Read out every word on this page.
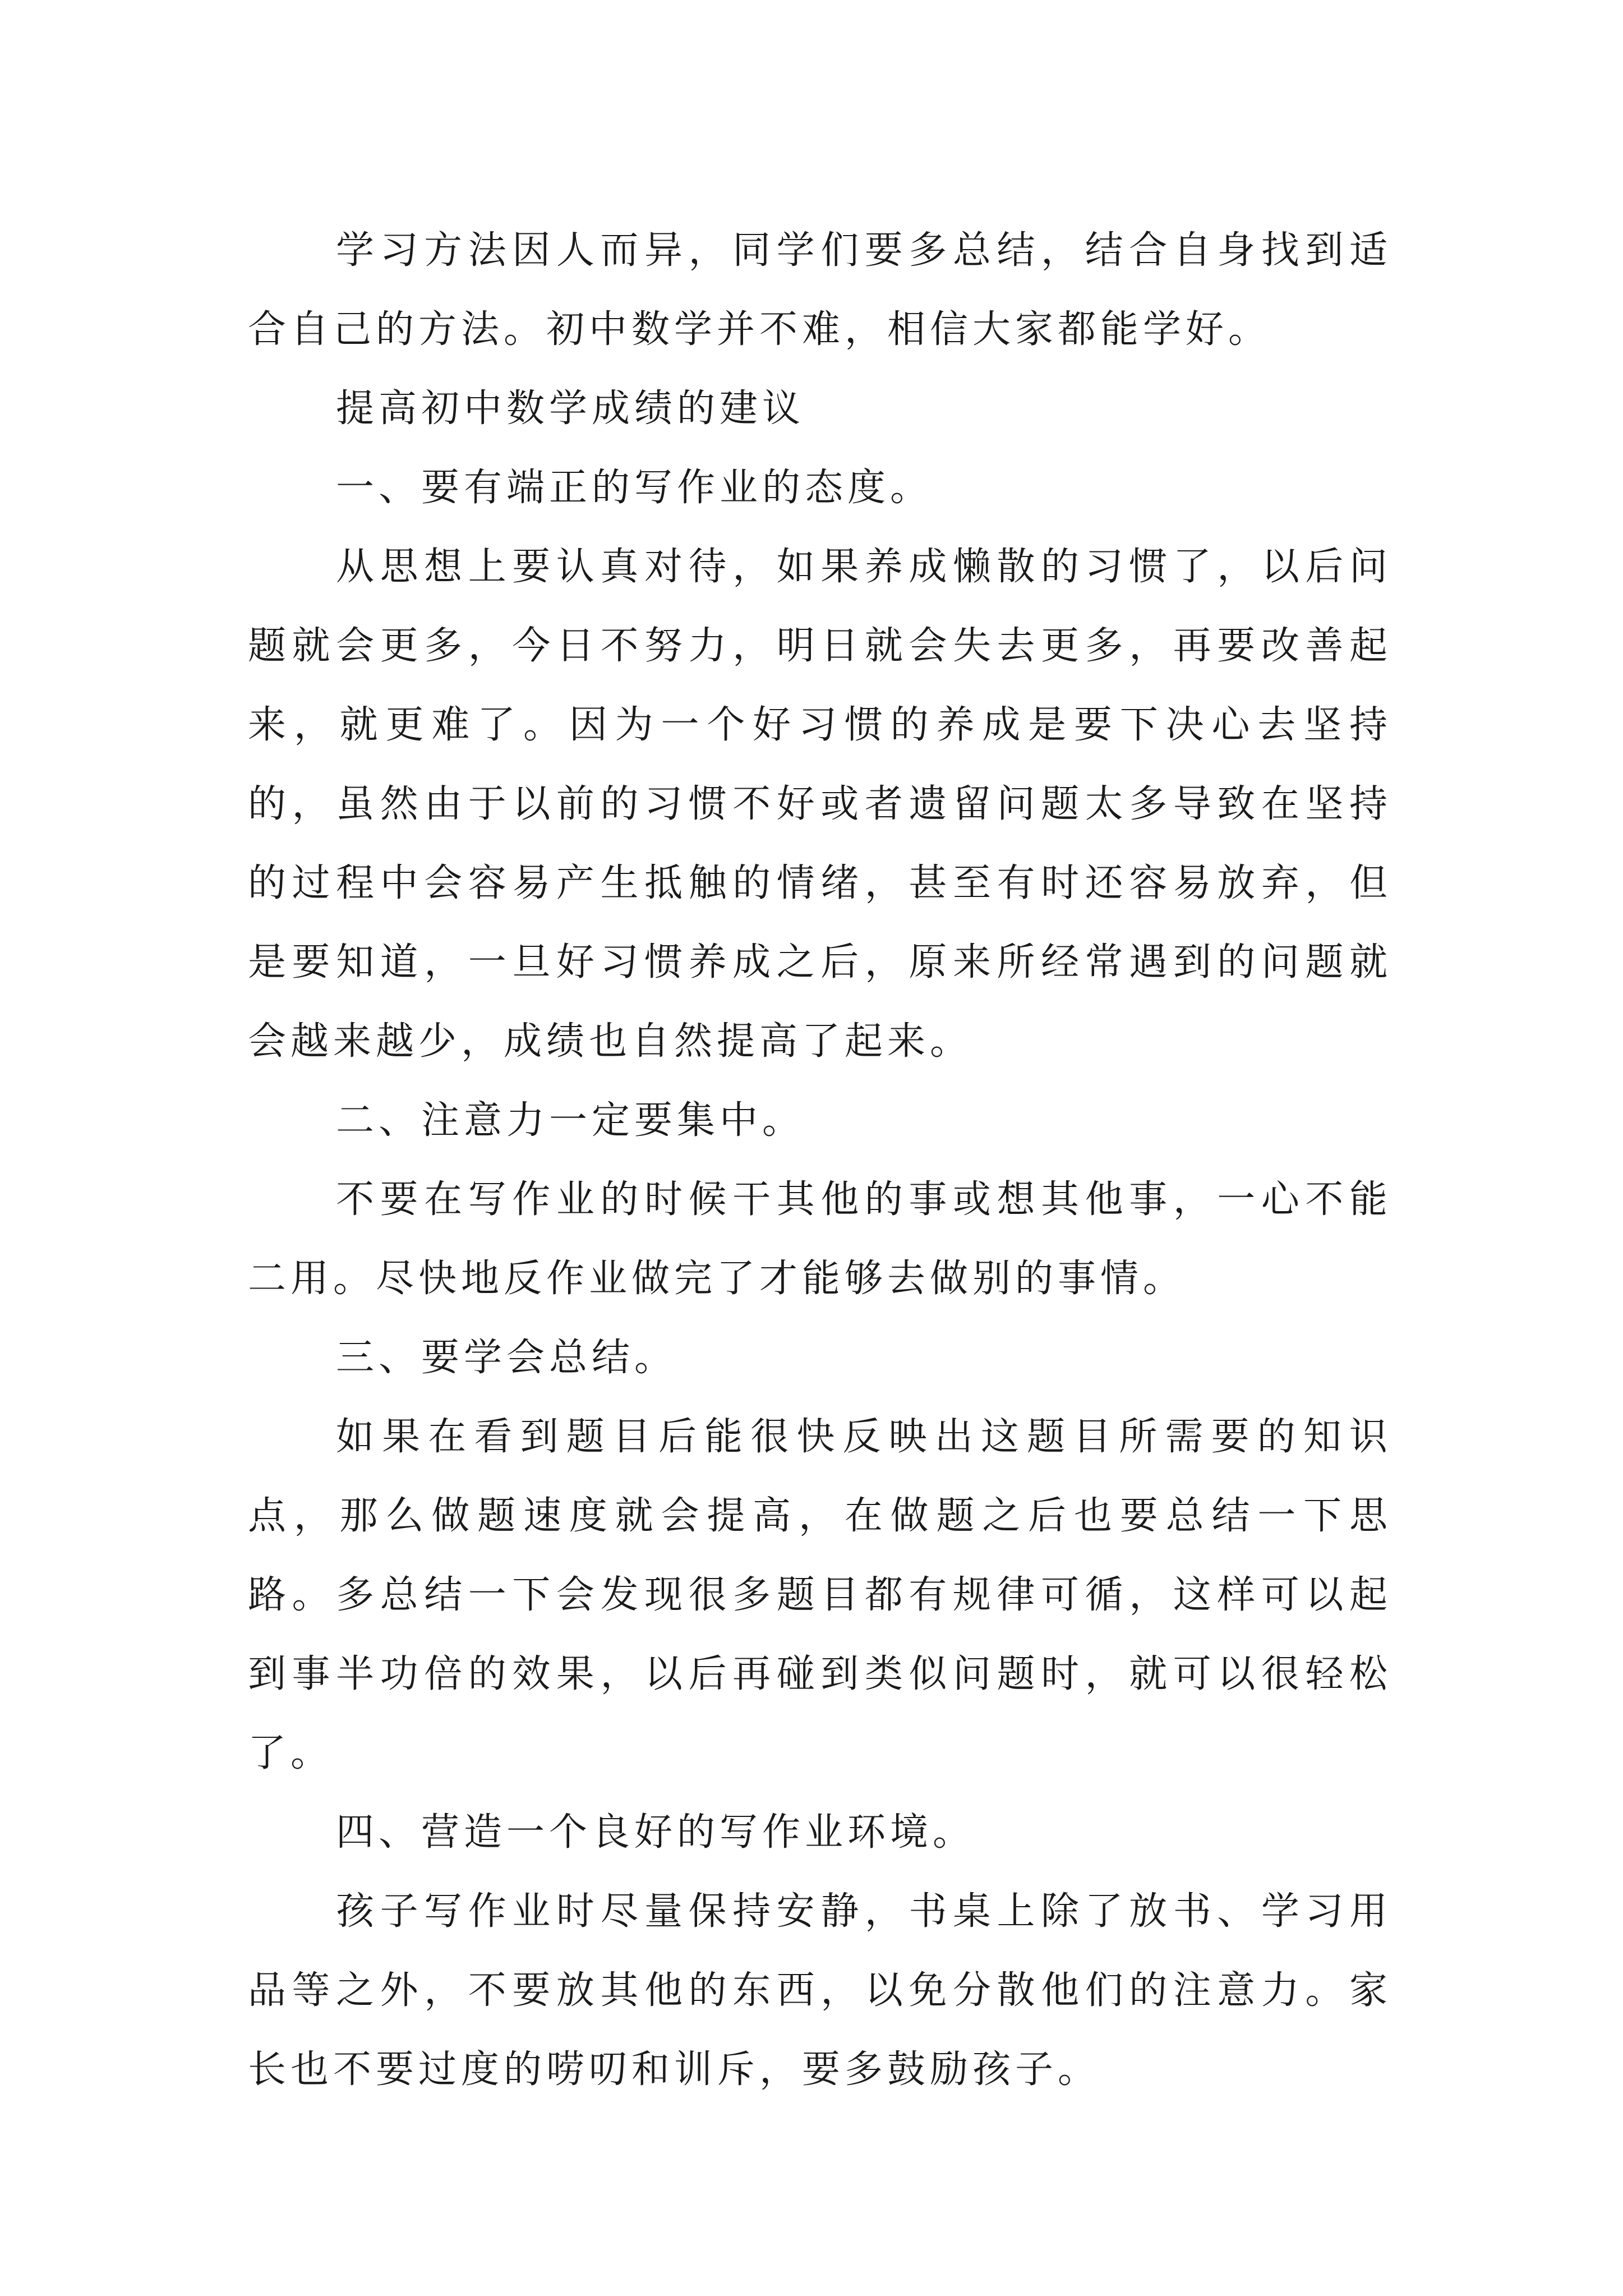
学习方法因人而异，同学们要多总结，结合自身找到适合自己的方法。初中数学并不难，相信大家都能学好。

提高初中数学成绩的建议

一、要有端正的写作业的态度。

从思想上要认真对待，如果养成懒散的习惯了，以后问题就会更多，今日不努力，明日就会失去更多，再要改善起来，就更难了。因为一个好习惯的养成是要下决心去坚持的，虽然由于以前的习惯不好或者遗留问题太多导致在坚持的过程中会容易产生抵触的情绪，甚至有时还容易放弃，但是要知道，一旦好习惯养成之后，原来所经常遇到的问题就会越来越少，成绩也自然提高了起来。

二、注意力一定要集中。

不要在写作业的时候干其他的事或想其他事，一心不能二用。尽快地反作业做完了才能够去做别的事情。

三、要学会总结。

如果在看到题目后能很快反映出这题目所需要的知识点，那么做题速度就会提高，在做题之后也要总结一下思路。多总结一下会发现很多题目都有规律可循，这样可以起到事半功倍的效果，以后再碰到类似问题时，就可以很轻松了。

四、营造一个良好的写作业环境。

孩子写作业时尽量保持安静，书桌上除了放书、学习用品等之外，不要放其他的东西，以免分散他们的注意力。家长也不要过度的唠叨和训斥，要多鼓励孩子。
